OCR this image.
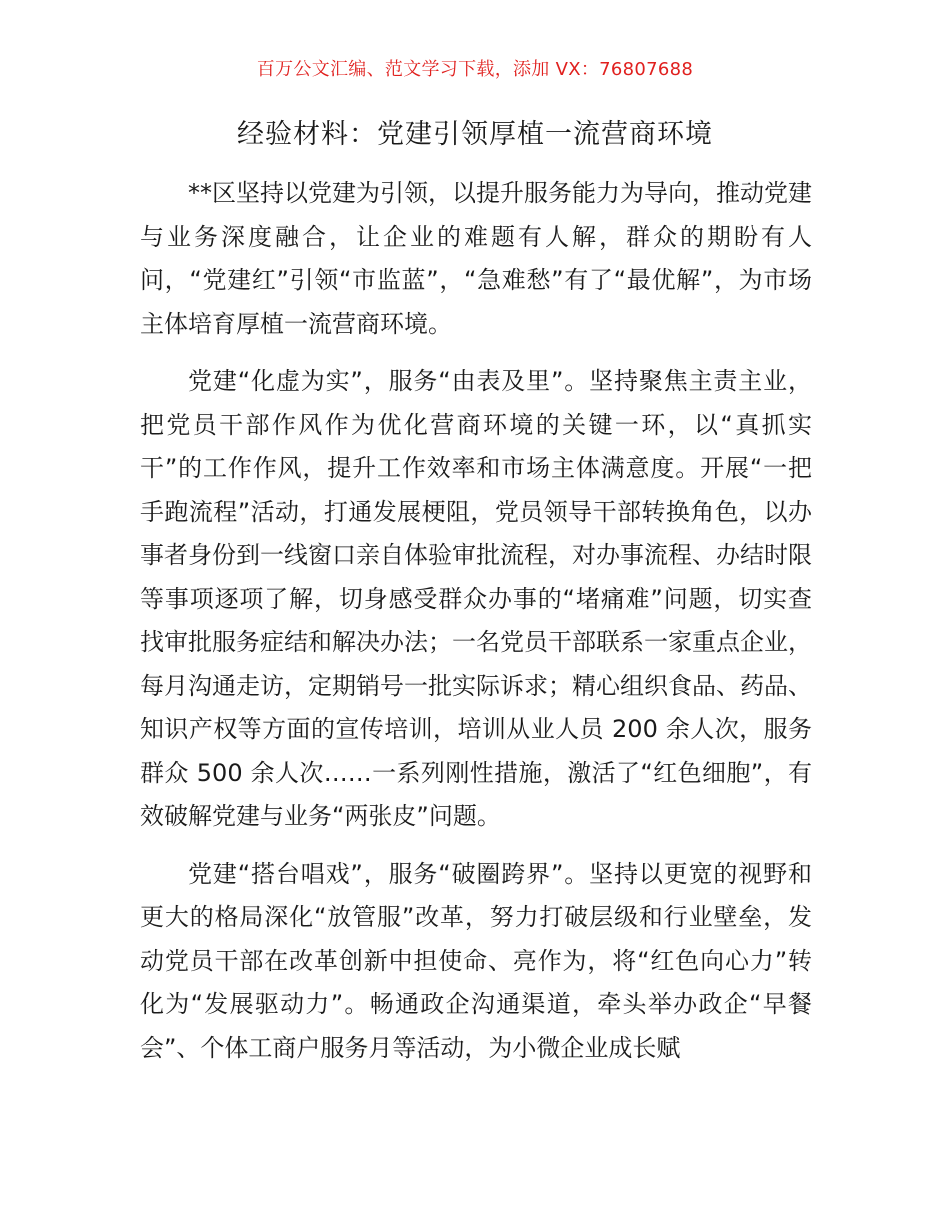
百万公文汇编、范文学习下载，添加 VX：76807688
经验材料：党建引领厚植一流营商环境

**区坚持以党建为引领，以提升服务能力为导向，推动党建与业务深度融合，让企业的难题有人解，群众的期盼有人问，“党建红”引领“市监蓝”，“急难愁”有了“最优解”，为市场主体培育厚植一流营商环境。

党建“化虚为实”，服务“由表及里”。坚持聚焦主责主业，把党员干部作风作为优化营商环境的关键一环，以“真抓实干”的工作作风，提升工作效率和市场主体满意度。开展“一把手跑流程”活动，打通发展梗阻，党员领导干部转换角色，以办事者身份到一线窗口亲自体验审批流程，对办事流程、办结时限等事项逐项了解，切身感受群众办事的“堵痛难”问题，切实查找审批服务症结和解决办法；一名党员干部联系一家重点企业，每月沟通走访，定期销号一批实际诉求；精心组织食品、药品、知识产权等方面的宣传培训，培训从业人员 200 余人次，服务群众 500 余人次……一系列刚性措施，激活了“红色细胞”，有效破解党建与业务“两张皮”问题。

党建“搭台唱戏”，服务“破圈跨界”。坚持以更宽的视野和更大的格局深化“放管服”改革，努力打破层级和行业壁垒，发动党员干部在改革创新中担使命、亮作为，将“红色向心力”转化为“发展驱动力”。畅通政企沟通渠道，牵头举办政企“早餐会”、个体工商户服务月等活动，为小微企业成长赋
